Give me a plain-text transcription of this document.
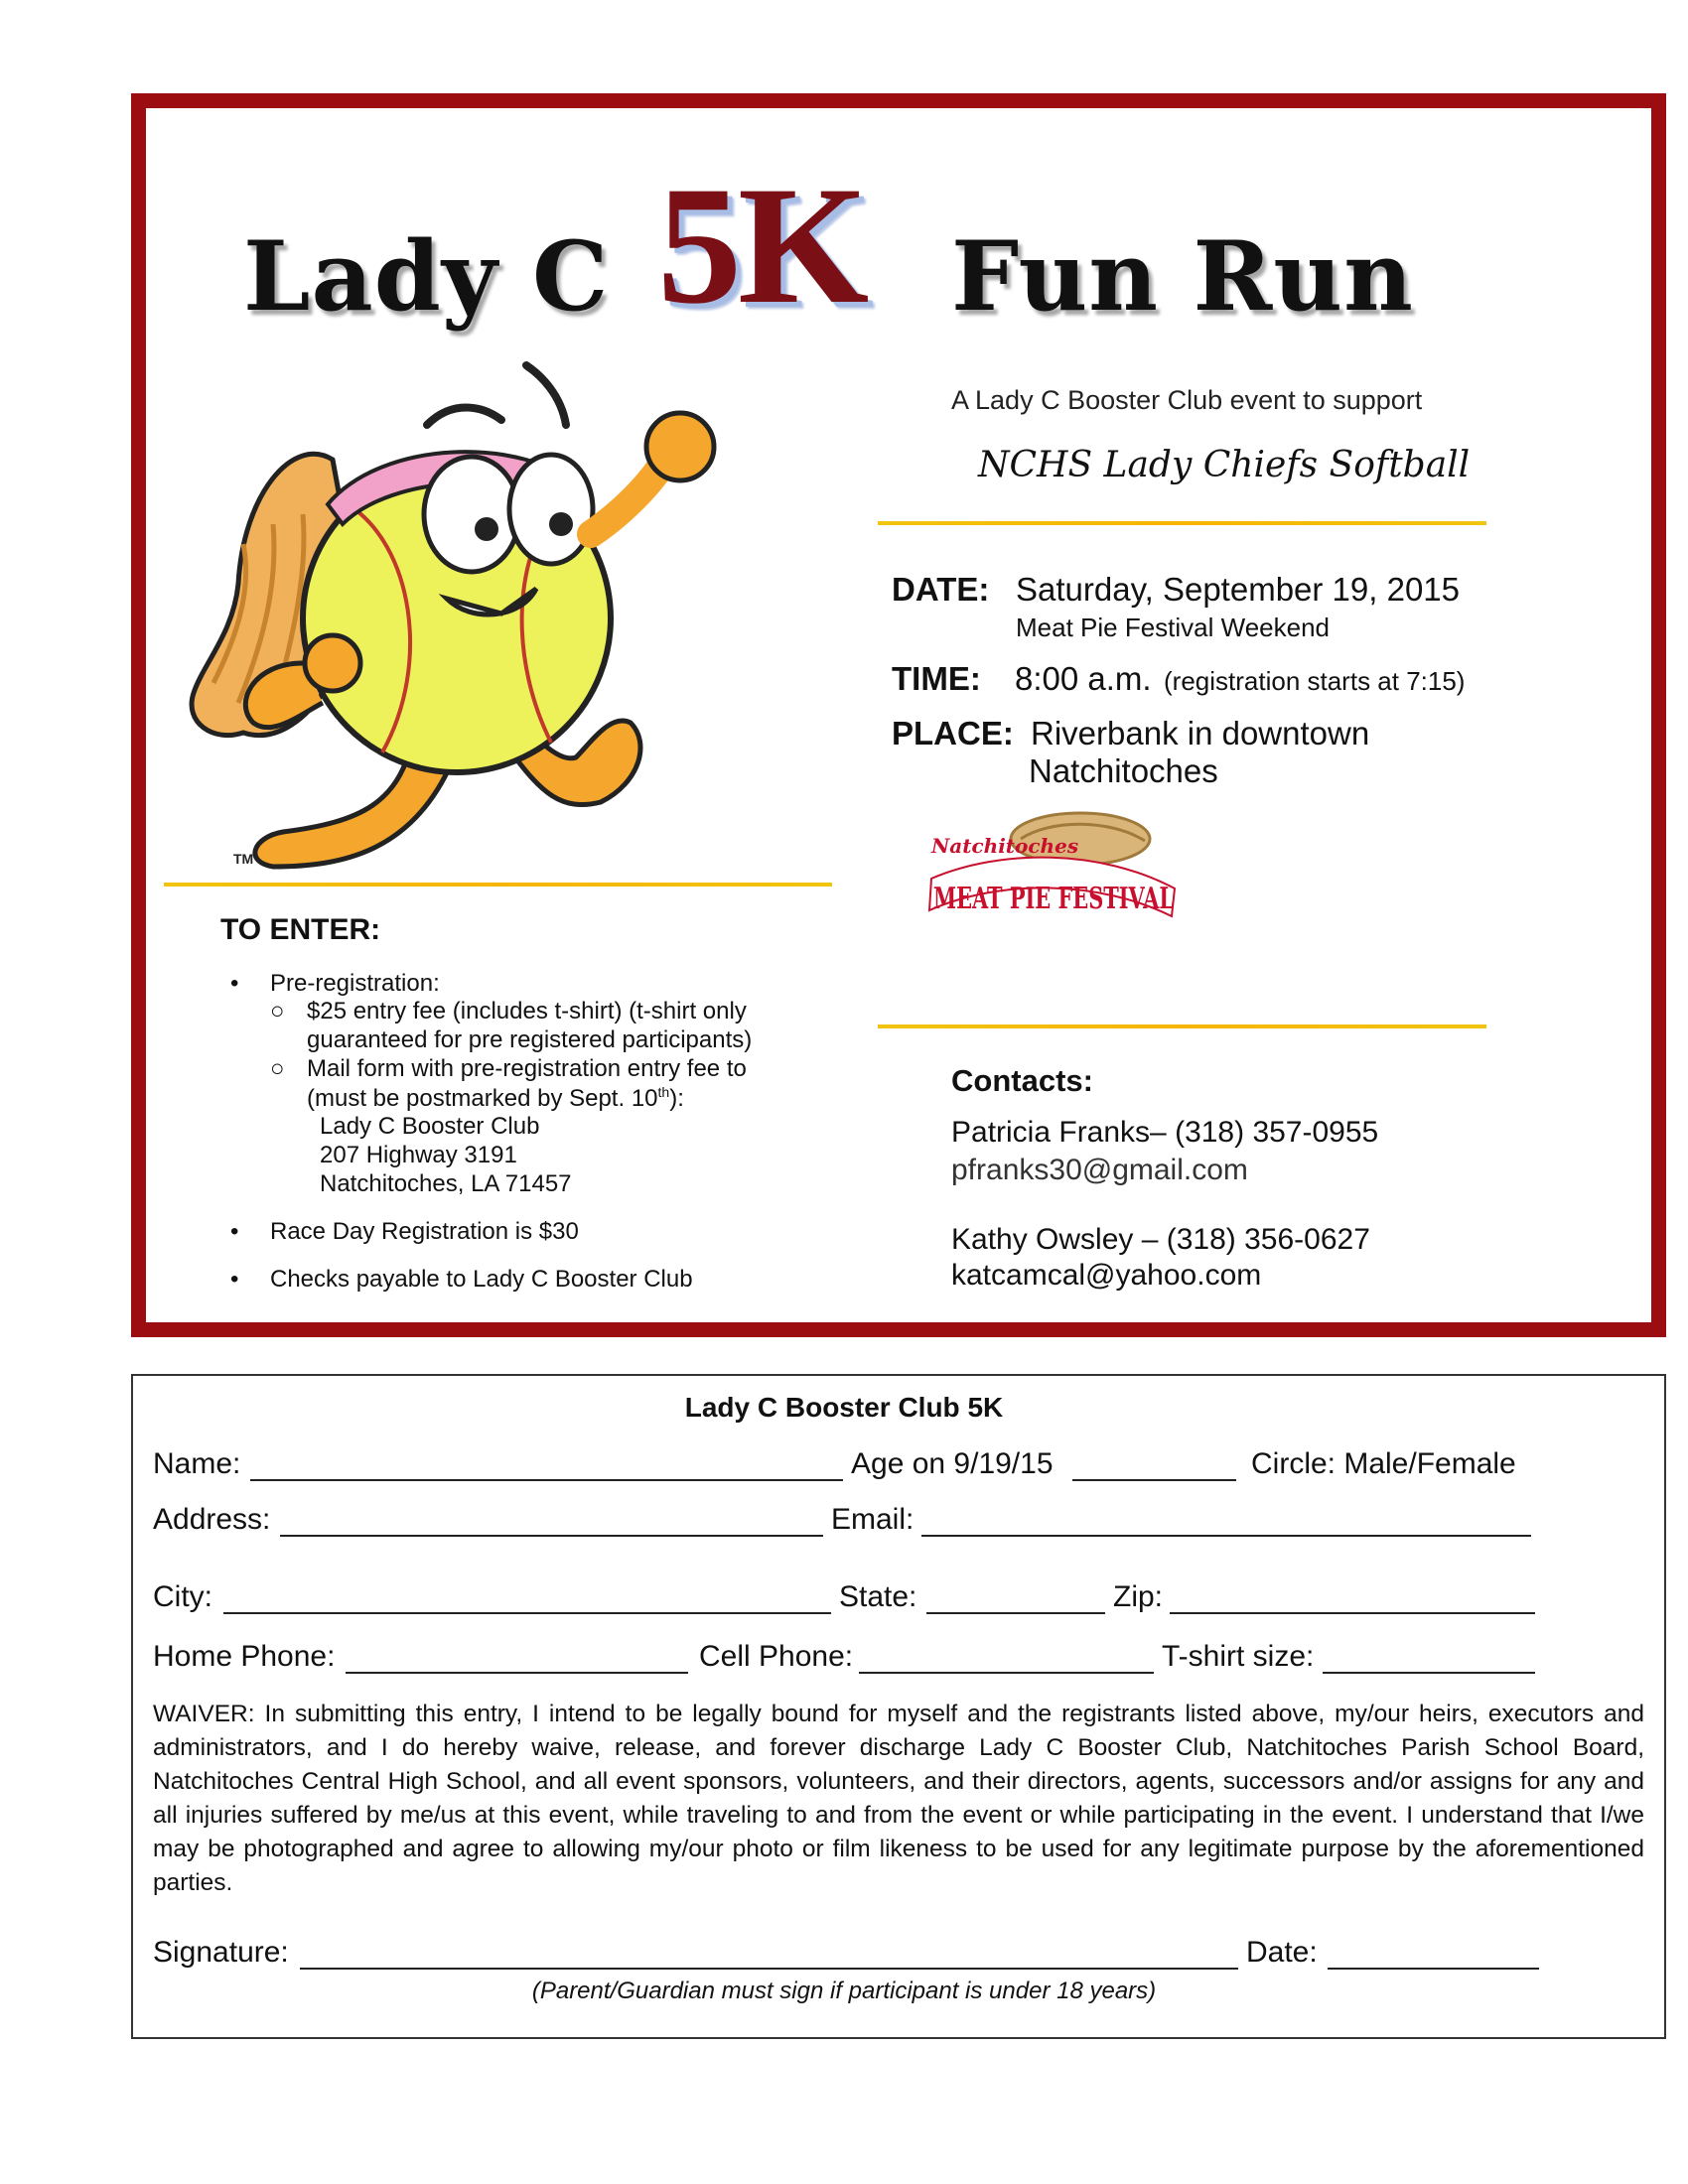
Lady C 5K Fun Run
TM
A Lady C Booster Club event to support
NCHS Lady Chiefs Softball
DATE: Saturday, September 19, 2015
Meat Pie Festival Weekend
TIME: 8:00 a.m. (registration starts at 7:15)
PLACE: Riverbank in downtown
Natchitoches
Natchitoches
MEAT PIE FESTIVAL
TO ENTER:
• Pre-registration:
○ $25 entry fee (includes t-shirt) (t-shirt only
guaranteed for pre registered participants)
○ Mail form with pre-registration entry fee to
(must be postmarked by Sept. 10th):
Lady C Booster Club
207 Highway 3191
Natchitoches, LA 71457
• Race Day Registration is $30
• Checks payable to Lady C Booster Club
Contacts:
Patricia Franks– (318) 357-0955
pfranks30@gmail.com
Kathy Owsley – (318) 356-0627
katcamcal@yahoo.com
Lady C Booster Club 5K
Name:	Age on 9/19/15	Circle: Male/Female
Address:	Email:
City:	State:	Zip:
Home Phone:	Cell Phone:	T-shirt size:
WAIVER: In submitting this entry, I intend to be legally bound for myself and the registrants listed above, my/our heirs, executors and administrators, and I do hereby waive, release, and forever discharge Lady C Booster Club, Natchitoches Parish School Board, Natchitoches Central High School, and all event sponsors, volunteers, and their directors, agents, successors and/or assigns for any and all injuries suffered by me/us at this event, while traveling to and from the event or while participating in the event. I understand that I/we may be photographed and agree to allowing my/our photo or film likeness to be used for any legitimate purpose by the aforementioned parties.
Signature:	Date:
(Parent/Guardian must sign if participant is under 18 years)
